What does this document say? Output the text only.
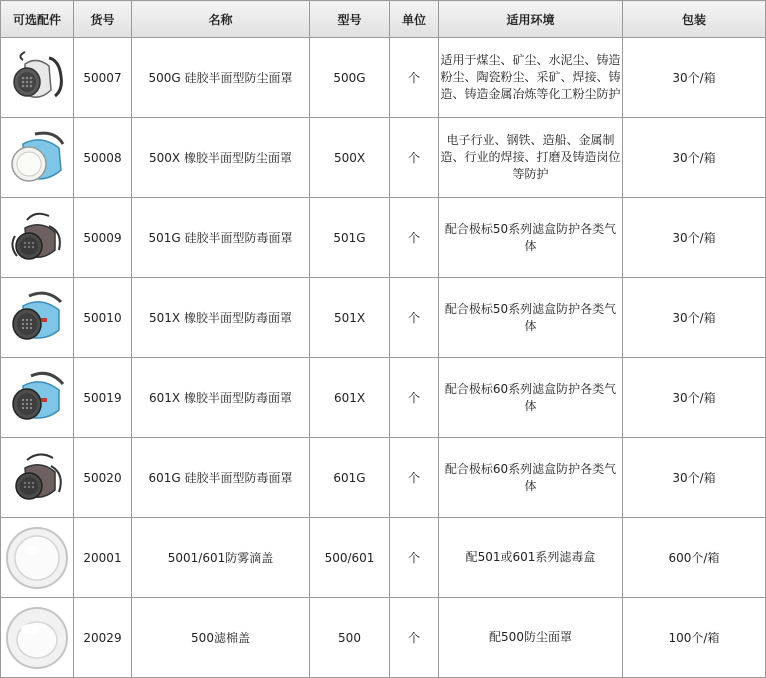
可选配件	货号	名称	型号	单位	适用环境	包装

	50007	500G 硅胶半面型防尘面罩	500G	个	适用于煤尘、矿尘、水泥尘、铸造粉尘、陶瓷粉尘、采矿、焊接、铸造、铸造金属冶炼等化工粉尘防护	30个/箱

	50008	500X 橡胶半面型防尘面罩	500X	个	电子行业、钢铁、造船、金属制造、行业的焊接、打磨及铸造岗位等防护	30个/箱

	50009	501G 硅胶半面型防毒面罩	501G	个	配合极标50系列滤盒防护各类气体	30个/箱

	50010	501X 橡胶半面型防毒面罩	501X	个	配合极标50系列滤盒防护各类气体	30个/箱

	50019	601X 橡胶半面型防毒面罩	601X	个	配合极标60系列滤盒防护各类气体	30个/箱

	50020	601G 硅胶半面型防毒面罩	601G	个	配合极标60系列滤盒防护各类气体	30个/箱

	20001	5001/601防雾滴盖	500/601	个	配501或601系列滤毒盒	600个/箱

	20029	500滤棉盖	500	个	配500防尘面罩	100个/箱
